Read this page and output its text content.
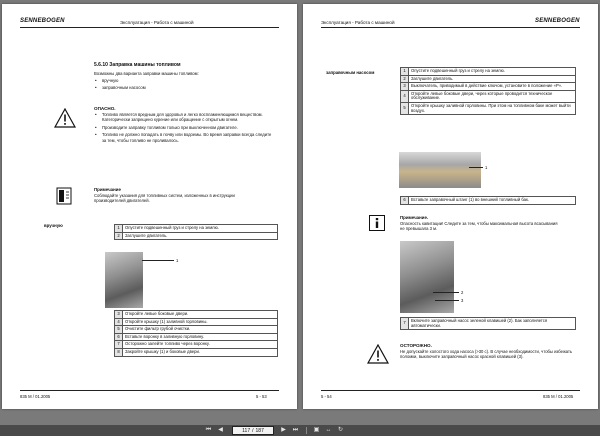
SENNEBOGEN	Эксплуатация - Работа с машиной
5.6.10 Заправка машины топливом
Возможны два варианта заправки машины топливом:
• вручную
• заправочным насосом
ОПАСНО.
• Топливо является вредным для здоровья и легко воспламеняющимся веществом. Категорически запрещено курение или обращение с открытым огнем.
• Производите заправку топливом только при выключенном двигателе.
• Топливо не должно попадать в почву или водоемы. Во время заправки всегда следите за тем, чтобы топливо не проливалось.
Примечание
Соблюдайте указания для топливных систем, изложенных в инструкции производителей двигателей.
вручную	1	Опустите подвешенный груз и стрелу на землю.
2	Заглушите двигатель.
1
3	Откройте левые боковые двери.
4	Откройте крышку (1) заливной горловины.
5	Очистите фильтр грубой очистки.
6	Вставьте воронку в заливную горловину.
7	Осторожно залейте топливо через воронку.
8	Закройте крышку (1) и боковые двери.
835 M / 01.2005	5 - 53
Эксплуатация - Работа с машиной	SENNEBOGEN
заправочным насосом	1	Опустите подвешенный груз и стрелу на землю.
2	Заглушите двигатель.
3	Выключатель, приводимый в действие ключом, установите в положение «P».
4	Откройте левые боковые двери, через которые проводится техническое обслуживание.
5	Откройте крышку заливной горловины. При этом на топливном баке может выйти воздух.
1
6	Вставьте заправочный штанг (1) во внешний топливный бак.
Примечание.
Опасность кавитации! Следите за тем, чтобы максимальная высота всасывания не превышала 3 м.
2
3
7	Включите заправочный насос зеленой клавишей (2). Бак заполняется автоматически.
ОСТОРОЖНО.
Не допускайте холостого хода насоса (>30 с). В случае необходимости, чтобы избежать поломки, выключите заправочный насос красной клавишей (3).
5 - 54	835 M / 01.2005
⏮	◀	117 / 187	▶	⏭	▣ ↔	↻
